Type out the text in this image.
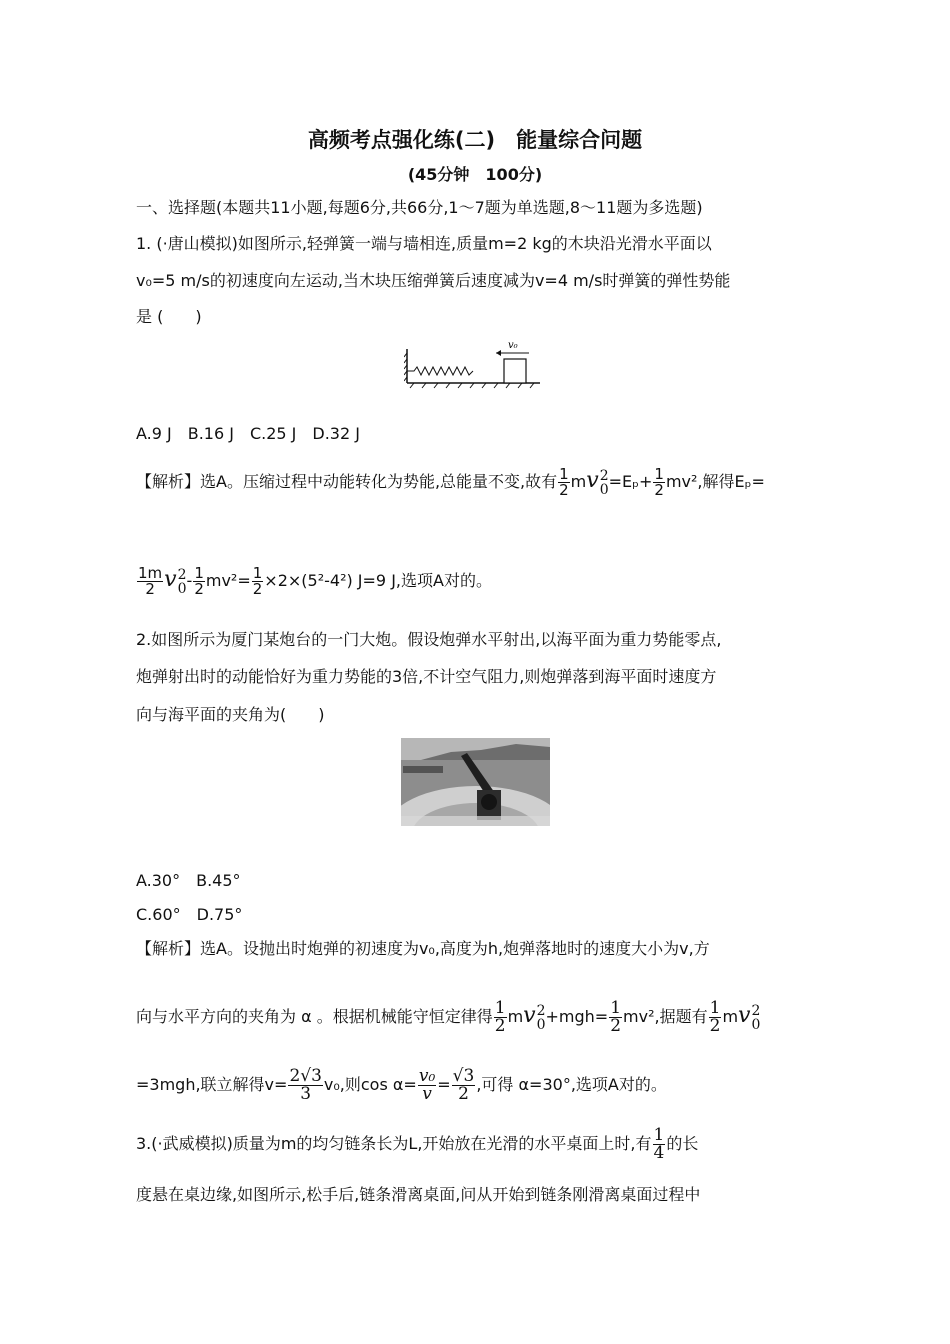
高频考点强化练(二)　能量综合问题
(45分钟　100分)
一、选择题(本题共11小题,每题6分,共66分,1～7题为单选题,8～11题为多选题)
1. (·唐山模拟)如图所示,轻弹簧一端与墙相连,质量m=2 kg的木块沿光滑水平面以
v₀=5 m/s的初速度向左运动,当木块压缩弹簧后速度减为v=4 m/s时弹簧的弹性势能
是 (　　)
v₀
A.9 J　B.16 J　C.25 J　D.32 J
【解析】选A。压缩过程中动能转化为势能,总能量不变,故有 $\frac{1}{2}$ mv 2
$0 =E_p+ \frac{1}{2} mv^2$,解得Eₚ=
$\frac{1m}{2}$ v 2
$0 - \frac{1}{2} mv^2= \frac{1}{2} \times 2\times(5^2-4^2)$ J=9 J,选项A对的。
2.如图所示为厦门某炮台的一门大炮。假设炮弹水平射出,以海平面为重力势能零点,
炮弹射出时的动能恰好为重力势能的3倍,不计空气阻力,则炮弹落到海平面时速度方
向与海平面的夹角为(　　)
A.30°　B.45°
C.60°　D.75°
【解析】选A。设抛出时炮弹的初速度为v₀,高度为h,炮弹落地时的速度大小为v,方
向与水平方向的夹角为 α 。根据机械能守恒定律得 $\frac{1}{2}$ mv 2
$0 +mgh= \frac{1}{2} mv^2$,据题有 $\frac{1}{2}$ mv 2
0
=3mgh,联立解得$v= \frac{2√3}{3} v_0$,则$\cos \alpha= \frac{\text{v₀}}{v} = \frac{√3}{2}$ ,可得 α=30°,选项A对的。
3.(·武威模拟)质量为m的均匀链条长为L,开始放在光滑的水平桌面上时,有 $\frac{1}{4}$ 的长
度悬在桌边缘,如图所示,松手后,链条滑离桌面,问从开始到链条刚滑离桌面过程中
